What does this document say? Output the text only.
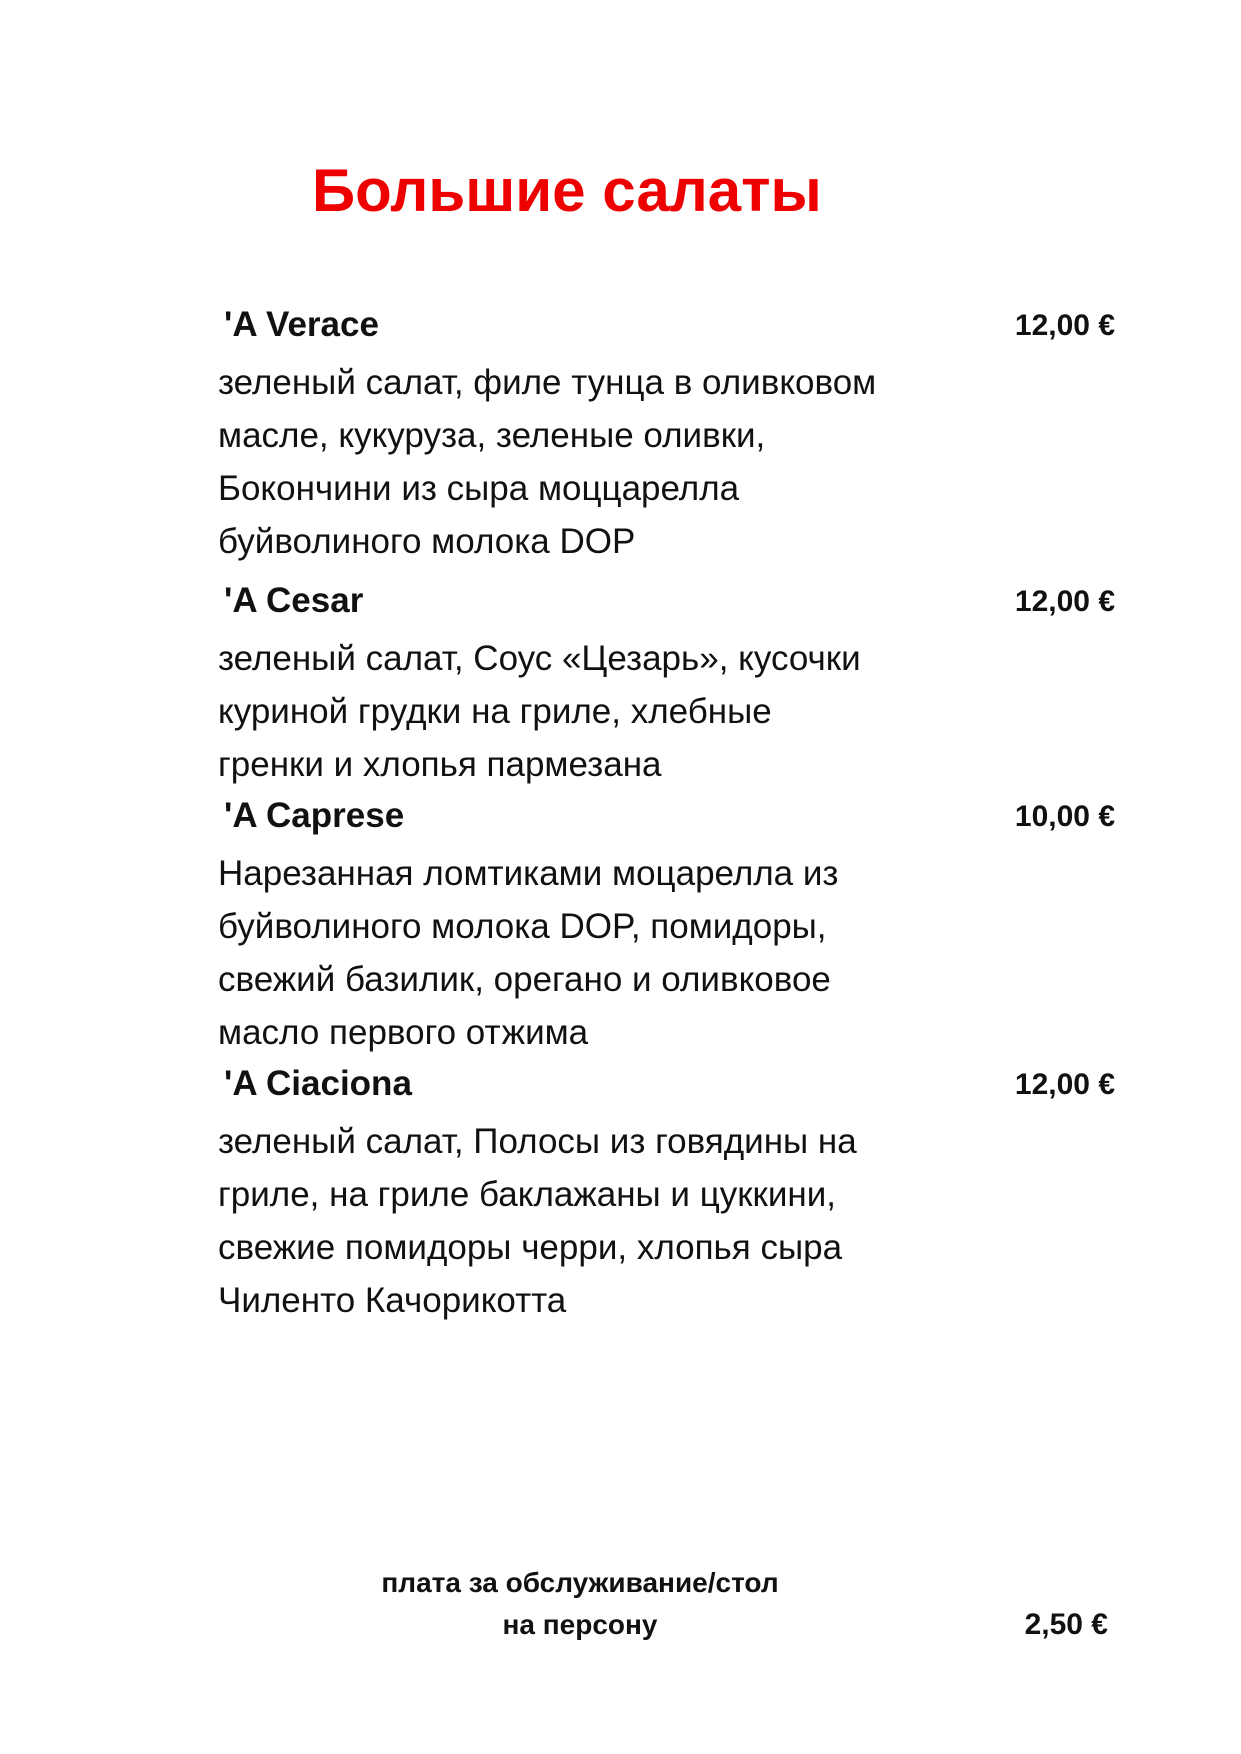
Большие салаты
'A Verace	12,00 €

зеленый салат, филе тунца в оливковом
масле, кукуруза, зеленые оливки,
Бокончини из сыра моццарелла
буйволиного молока DOP

'A Cesar	12,00 €

зеленый салат, Соус «Цезарь», кусочки
куриной грудки на гриле, хлебные
гренки и хлопья пармезана

'A Caprese	10,00 €

Нарезанная ломтиками моцарелла из
буйволиного молока DOP, помидоры,
свежий базилик, орегано и оливковое
масло первого отжима

'A Ciaciona	12,00 €

зеленый салат, Полосы из говядины на
гриле, на гриле баклажаны и цуккини,
свежие помидоры черри, хлопья сыра
Чиленто Качорикотта

плата за обслуживание/стол
на персону	2,50 €
